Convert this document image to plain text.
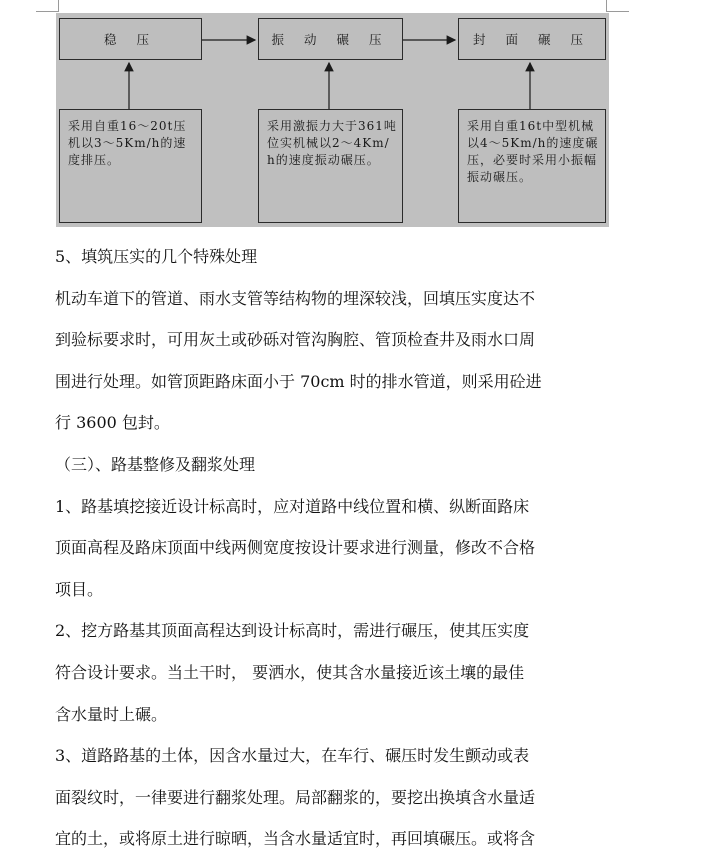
稳 压	振 动 碾 压	封 面 碾 压
采用自重16～20t压机以3～5Km/h的速度排压。
采用激振力大于361吨位实机械以2～4Km/h的速度振动碾压。
采用自重16t中型机械以4～5Km/h的速度碾压，必要时采用小振幅振动碾压。

5、填筑压实的几个特殊处理

机动车道下的管道、雨水支管等结构物的埋深较浅，回填压实度达不
到验标要求时，可用灰土或砂砾对管沟胸腔、管顶检查井及雨水口周
围进行处理。如管顶距路床面小于 70cm 时的排水管道，则采用砼进
行 3600 包封。

（三）、路基整修及翻浆处理

1、路基填挖接近设计标高时，应对道路中线位置和横、纵断面路床
顶面高程及路床顶面中线两侧宽度按设计要求进行测量，修改不合格
项目。

2、挖方路基其顶面高程达到设计标高时，需进行碾压，使其压实度
符合设计要求。当土干时， 要洒水，使其含水量接近该土壤的最佳
含水量时上碾。

3、道路路基的土体，因含水量过大，在车行、碾压时发生颤动或表
面裂纹时，一律要进行翻浆处理。局部翻浆的，要挖出换填含水量适
宜的土，或将原土进行晾晒，当含水量适宜时，再回填碾压。或将含
